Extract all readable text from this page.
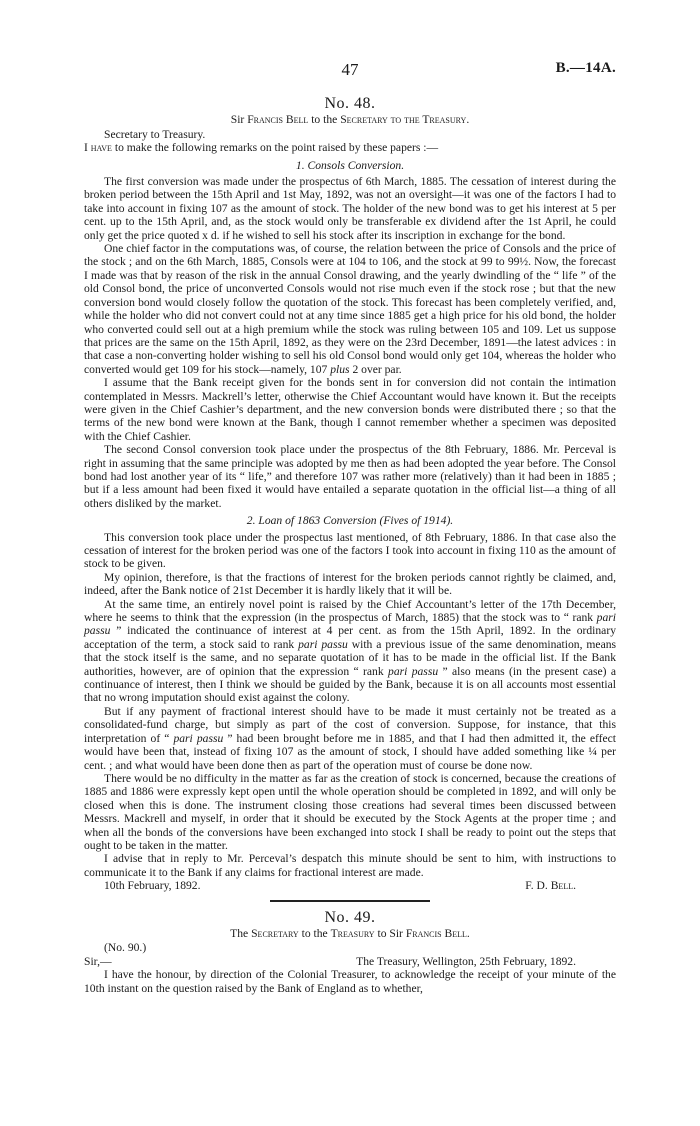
47	B.—14A.
No. 48.
Sir Francis Bell to the Secretary to the Treasury.
Secretary to Treasury.

I have to make the following remarks on the point raised by these papers :—

1. Consols Conversion.

The first conversion was made under the prospectus of 6th March, 1885. The cessation of interest during the broken period between the 15th April and 1st May, 1892, was not an oversight—it was one of the factors I had to take into account in fixing 107 as the amount of stock. The holder of the new bond was to get his interest at 5 per cent. up to the 15th April, and, as the stock would only be transferable ex dividend after the 1st April, he could only get the price quoted x d. if he wished to sell his stock after its inscription in exchange for the bond.

One chief factor in the computations was, of course, the relation between the price of Consols and the price of the stock ; and on the 6th March, 1885, Consols were at 104 to 106, and the stock at 99 to 99½. Now, the forecast I made was that by reason of the risk in the annual Consol drawing, and the yearly dwindling of the “ life ” of the old Consol bond, the price of unconverted Consols would not rise much even if the stock rose ; but that the new conversion bond would closely follow the quotation of the stock. This forecast has been completely verified, and, while the holder who did not convert could not at any time since 1885 get a high price for his old bond, the holder who converted could sell out at a high premium while the stock was ruling between 105 and 109. Let us suppose that prices are the same on the 15th April, 1892, as they were on the 23rd December, 1891—the latest advices : in that case a non-converting holder wishing to sell his old Consol bond would only get 104, whereas the holder who converted would get 109 for his stock—namely, 107 plus 2 over par.

I assume that the Bank receipt given for the bonds sent in for conversion did not contain the intimation contemplated in Messrs. Mackrell’s letter, otherwise the Chief Accountant would have known it. But the receipts were given in the Chief Cashier’s department, and the new conversion bonds were distributed there ; so that the terms of the new bond were known at the Bank, though I cannot remember whether a specimen was deposited with the Chief Cashier.

The second Consol conversion took place under the prospectus of the 8th February, 1886. Mr. Perceval is right in assuming that the same principle was adopted by me then as had been adopted the year before. The Consol bond had lost another year of its “ life,” and therefore 107 was rather more (relatively) than it had been in 1885 ; but if a less amount had been fixed it would have entailed a separate quotation in the official list—a thing of all others disliked by the market.

2. Loan of 1863 Conversion (Fives of 1914).

This conversion took place under the prospectus last mentioned, of 8th February, 1886. In that case also the cessation of interest for the broken period was one of the factors I took into account in fixing 110 as the amount of stock to be given.

My opinion, therefore, is that the fractions of interest for the broken periods cannot rightly be claimed, and, indeed, after the Bank notice of 21st December it is hardly likely that it will be.

At the same time, an entirely novel point is raised by the Chief Accountant’s letter of the 17th December, where he seems to think that the expression (in the prospectus of March, 1885) that the stock was to “ rank pari passu ” indicated the continuance of interest at 4 per cent. as from the 15th April, 1892. In the ordinary acceptation of the term, a stock said to rank pari passu with a previous issue of the same denomination, means that the stock itself is the same, and no separate quotation of it has to be made in the official list. If the Bank authorities, however, are of opinion that the expression “ rank pari passu ” also means (in the present case) a continuance of interest, then I think we should be guided by the Bank, because it is on all accounts most essential that no wrong imputation should exist against the colony.

But if any payment of fractional interest should have to be made it must certainly not be treated as a consolidated-fund charge, but simply as part of the cost of conversion. Suppose, for instance, that this interpretation of “ pari passu ” had been brought before me in 1885, and that I had then admitted it, the effect would have been that, instead of fixing 107 as the amount of stock, I should have added something like ¼ per cent. ; and what would have been done then as part of the operation must of course be done now.

There would be no difficulty in the matter as far as the creation of stock is concerned, because the creations of 1885 and 1886 were expressly kept open until the whole operation should be completed in 1892, and will only be closed when this is done. The instrument closing those creations had several times been discussed between Messrs. Mackrell and myself, in order that it should be executed by the Stock Agents at the proper time ; and when all the bonds of the conversions have been exchanged into stock I shall be ready to point out the steps that ought to be taken in the matter.

I advise that in reply to Mr. Perceval’s despatch this minute should be sent to him, with instructions to communicate it to the Bank if any claims for fractional interest are made.

10th February, 1892.	F. D. Bell.
No. 49.
The Secretary to the Treasury to Sir Francis Bell.
(No. 90.)
Sir,—	The Treasury, Wellington, 25th February, 1892.

I have the honour, by direction of the Colonial Treasurer, to acknowledge the receipt of your minute of the 10th instant on the question raised by the Bank of England as to whether,
